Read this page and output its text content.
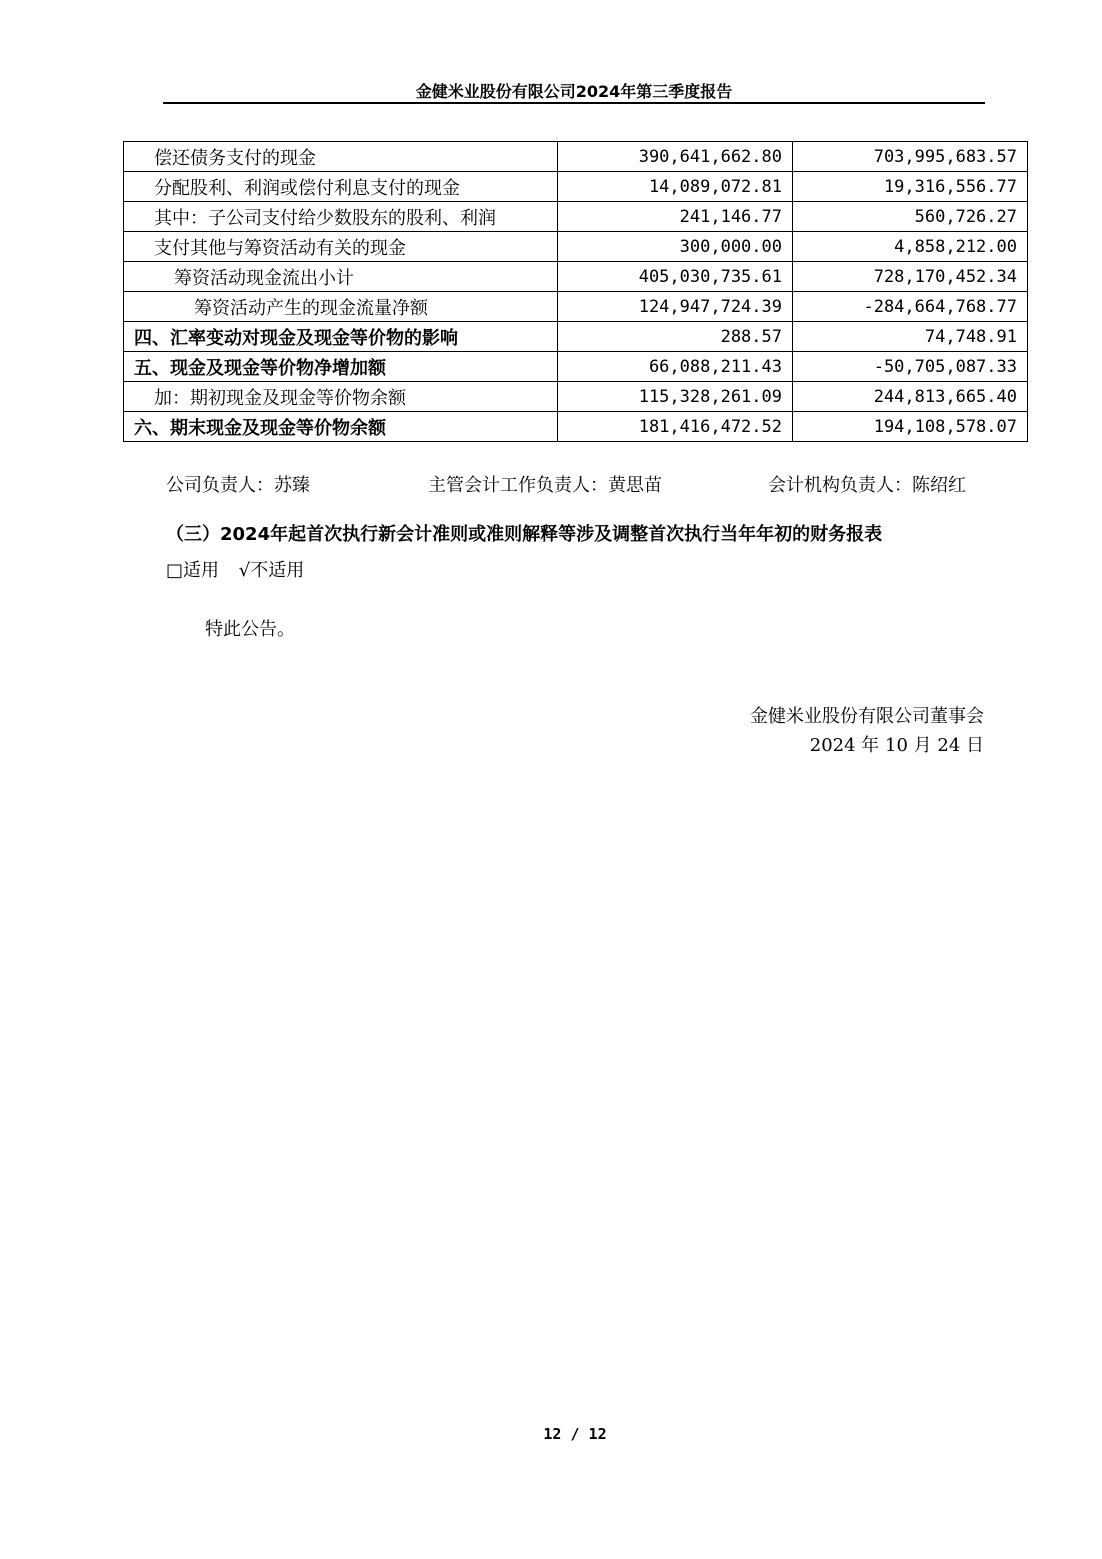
金健米业股份有限公司2024年第三季度报告
偿还债务支付的现金	390,641,662.80	703,995,683.57
分配股利、利润或偿付利息支付的现金	14,089,072.81	19,316,556.77
其中：子公司支付给少数股东的股利、利润	241,146.77	560,726.27
支付其他与筹资活动有关的现金	300,000.00	4,858,212.00
筹资活动现金流出小计	405,030,735.61	728,170,452.34
筹资活动产生的现金流量净额	124,947,724.39	-284,664,768.77
四、汇率变动对现金及现金等价物的影响	288.57	74,748.91
五、现金及现金等价物净增加额	66,088,211.43	-50,705,087.33
加：期初现金及现金等价物余额	115,328,261.09	244,813,665.40
六、期末现金及现金等价物余额	181,416,472.52	194,108,578.07
公司负责人：苏臻	主管会计工作负责人：黄思苗	会计机构负责人：陈绍红
（三）2024年起首次执行新会计准则或准则解释等涉及调整首次执行当年年初的财务报表
□适用 √不适用
特此公告。
金健米业股份有限公司董事会
2024 年 10 月 24 日
12 / 12
